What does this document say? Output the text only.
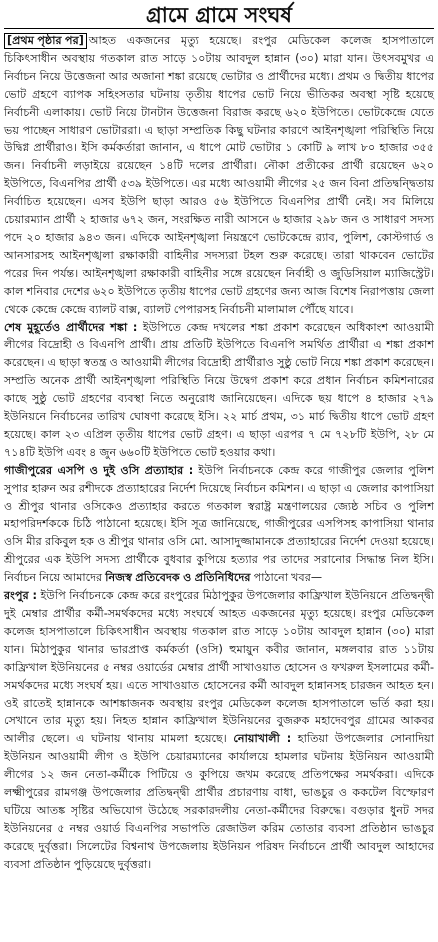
গ্রামে গ্রামে সংঘর্ষ

[প্রথম পৃষ্ঠার পর] আহত একজনের মৃত্যু হয়েছে। রংপুর মেডিকেল কলেজ হাসপাতালে চিকিৎসাধীন অবস্থায় গতকাল রাত সাড়ে ১০টায় আবদুল হান্নান (৩০) মারা যান। উৎসবমুখর এ নির্বাচন নিয়ে উত্তেজনা আর অজানা শঙ্কা রয়েছে ভোটার ও প্রার্থীদের মধ্যে। প্রথম ও দ্বিতীয় ধাপের ভোট গ্রহণে ব্যাপক সহিংসতার ঘটনায় তৃতীয় ধাপের ভোট নিয়ে ভীতিকর অবস্থা সৃষ্টি হয়েছে নির্বাচনী এলাকায়। ভোট নিয়ে টানটান উত্তেজনা বিরাজ করছে ৬২০ ইউপিতে। ভোটকেন্দ্রে যেতে ভয় পাচ্ছেন সাধারণ ভোটাররা। এ ছাড়া সম্প্রতিক কিছু ঘটনার কারণে আইনশৃঙ্খলা পরিস্থিতি নিয়ে উদ্বিগ্ন প্রার্থীরাও। ইসি কর্মকর্তারা জানান, এ ধাপে মোট ভোটার ১ কোটি ৯ লাখ ৮০ হাজার ৩৫৫ জন। নির্বাচনী লড়াইয়ে রয়েছেন ১৪টি দলের প্রার্থীরা। নৌকা প্রতীকের প্রার্থী রয়েছেন ৬২০ ইউপিতে, বিএনপির প্রার্থী ৫৩৯ ইউপিতে। এর মধ্যে আওয়ামী লীগের ২৫ জন বিনা প্রতিদ্বন্দ্বিতায় নির্বাচিত হয়েছেন। এসব ইউপি ছাড়া আরও ৫৬ ইউপিতে বিএনপির প্রার্থী নেই। সব মিলিয়ে চেয়ারম্যান প্রার্থী ২ হাজার ৬৭২ জন, সংরক্ষিত নারী আসনে ৬ হাজার ২৯৮ জন ও সাধারণ সদস্য পদে ২০ হাজার ৯৪৩ জন। এদিকে আইনশৃঙ্খলা নিয়ন্ত্রণে ভোটকেন্দ্রে র‌্যাব, পুলিশ, কোস্টগার্ড ও আনসারসহ আইনশৃঙ্খলা রক্ষাকারী বাহিনীর সদস্যরা টহল শুরু করেছে। তারা থাকবেন ভোটের পরের দিন পর্যন্ত। আইনশৃঙ্খলা রক্ষাকারী বাহিনীর সঙ্গে রয়েছেন নির্বাহী ও জুডিসিয়াল ম্যাজিস্ট্রেট। কাল শনিবার দেশের ৬২০ ইউপিতে তৃতীয় ধাপের ভোট গ্রহণের জন্য আজ বিশেষ নিরাপত্তায় জেলা থেকে কেন্দ্রে কেন্দ্রে ব্যালট বাক্স, ব্যালট পেপারসহ নির্বাচনী মালামাল পৌঁছে যাবে।

শেষ মুহূর্তেও প্রার্থীদের শঙ্কা : ইউপিতে কেন্দ্র দখলের শঙ্কা প্রকাশ করেছেন অধিকাংশ আওয়ামী লীগের বিদ্রোহী ও বিএনপি প্রার্থী। প্রায় প্রতিটি ইউপিতে বিএনপি সমর্থিত প্রার্থীরা এ শঙ্কা প্রকাশ করেছেন। এ ছাড়া স্বতন্ত্র ও আওয়ামী লীগের বিদ্রোহী প্রার্থীরাও সুষ্ঠু ভোট নিয়ে শঙ্কা প্রকাশ করেছেন। সম্প্রতি অনেক প্রার্থী আইনশৃঙ্খলা পরিস্থিতি নিয়ে উদ্বেগ প্রকাশ করে প্রধান নির্বাচন কমিশনারের কাছে সুষ্ঠু ভোট গ্রহণের ব্যবস্থা নিতে অনুরোধ জানিয়েছেন। এদিকে ছয় ধাপে ৪ হাজার ২৭৯ ইউনিয়নে নির্বাচনের তারিখ ঘোষণা করেছে ইসি। ২২ মার্চ প্রথম, ৩১ মার্চ দ্বিতীয় ধাপে ভোট গ্রহণ হয়েছে। কাল ২৩ এপ্রিল তৃতীয় ধাপের ভোট গ্রহণ। এ ছাড়া এরপর ৭ মে ৭২৮টি ইউপি, ২৮ মে ৭১৪টি ইউপি এবং ৪ জুন ৬৬০টি ইউপিতে ভোট হওয়ার কথা।

গাজীপুরের এসপি ও দুই ওসি প্রত্যাহার : ইউপি নির্বাচনকে কেন্দ্র করে গাজীপুর জেলার পুলিশ সুপার হারুন অর রশীদকে প্রত্যাহারের নির্দেশ দিয়েছে নির্বাচন কমিশন। এ ছাড়া এ জেলার কাপাসিয়া ও শ্রীপুর থানার ওসিকেও প্রত্যাহার করতে গতকাল স্বরাষ্ট্র মন্ত্রণালয়ের জ্যেষ্ঠ সচিব ও পুলিশ মহাপরিদর্শককে চিঠি পাঠানো হয়েছে। ইসি সূত্র জানিয়েছে, গাজীপুরের এসপিসহ কাপাসিয়া থানার ওসি মীর রকিবুল হক ও শ্রীপুর থানার ওসি মো. আসাদুজ্জামানকে প্রত্যাহারের নির্দেশ দেওয়া হয়েছে। শ্রীপুরের এক ইউপি সদস্য প্রার্থীকে বুধবার কুপিয়ে হত্যার পর তাদের সরানোর সিদ্ধান্ত নিল ইসি। নির্বাচন নিয়ে আমাদের নিজস্ব প্রতিবেদক ও প্রতিনিধিদের পাঠানো খবর—

রংপুর : ইউপি নির্বাচনকে কেন্দ্র করে রংপুরের মিঠাপুকুর উপজেলার কাফ্রিখাল ইউনিয়নে প্রতিদ্বন্দ্বী দুই মেম্বার প্রার্থীর কর্মী-সমর্থকদের মধ্যে সংঘর্ষে আহত একজনের মৃত্যু হয়েছে। রংপুর মেডিকেল কলেজ হাসপাতালে চিকিৎসাধীন অবস্থায় গতকাল রাত সাড়ে ১০টায় আবদুল হান্নান (৩০) মারা যান। মিঠাপুকুর থানার ভারপ্রাপ্ত কর্মকর্তা (ওসি) হুমায়ুন কবীর জানান, মঙ্গলবার রাত ১১টায় কাফ্রিখাল ইউনিয়নের ৫ নম্বর ওয়ার্ডের মেম্বার প্রার্থী সাখাওয়াত হোসেন ও ফখরুল ইসলামের কর্মী-সমর্থকদের মধ্যে সংঘর্ষ হয়। এতে সাখাওয়াত হোসেনের কর্মী আবদুল হান্নানসহ চারজন আহত হন। ওই রাতেই হান্নানকে আশঙ্কাজনক অবস্থায় রংপুর মেডিকেল কলেজ হাসপাতালে ভর্তি করা হয়। সেখানে তার মৃত্যু হয়। নিহত হান্নান কাফ্রিখাল ইউনিয়নের বুজরুক মহাদেবপুর গ্রামের আকবর আলীর ছেলে। এ ঘটনায় থানায় মামলা হয়েছে। নোয়াখালী : হাতিয়া উপজেলার সোনাদিয়া ইউনিয়ন আওয়ামী লীগ ও ইউপি চেয়ারম্যানের কার্যালয়ে হামলার ঘটনায় ইউনিয়ন আওয়ামী লীগের ১২ জন নেতা-কর্মীকে পিটিয়ে ও কুপিয়ে জখম করেছে প্রতিপক্ষের সমর্থকরা। এদিকে লক্ষ্মীপুরের রামগঞ্জ উপজেলার প্রতিদ্বন্দ্বী প্রার্থীর প্রচারণায় বাধা, ভাঙচুর ও ককটেল বিস্ফোরণ ঘটিয়ে আতঙ্ক সৃষ্টির অভিযোগ উঠেছে সরকারদলীয় নেতা-কর্মীদের বিরুদ্ধে। বগুড়ার ধুনট সদর ইউনিয়নের ৫ নম্বর ওয়ার্ড বিএনপির সভাপতি রেজাউল করিম তোতার ব্যবসা প্রতিষ্ঠান ভাঙচুর করেছে দুর্বৃত্তরা। সিলেটের বিশ্বনাথ উপজেলায় ইউনিয়ন পরিষদ নির্বাচনে প্রার্থী আবদুল আহাদের ব্যবসা প্রতিষ্ঠান পুড়িয়েছে দুর্বৃত্তরা।
